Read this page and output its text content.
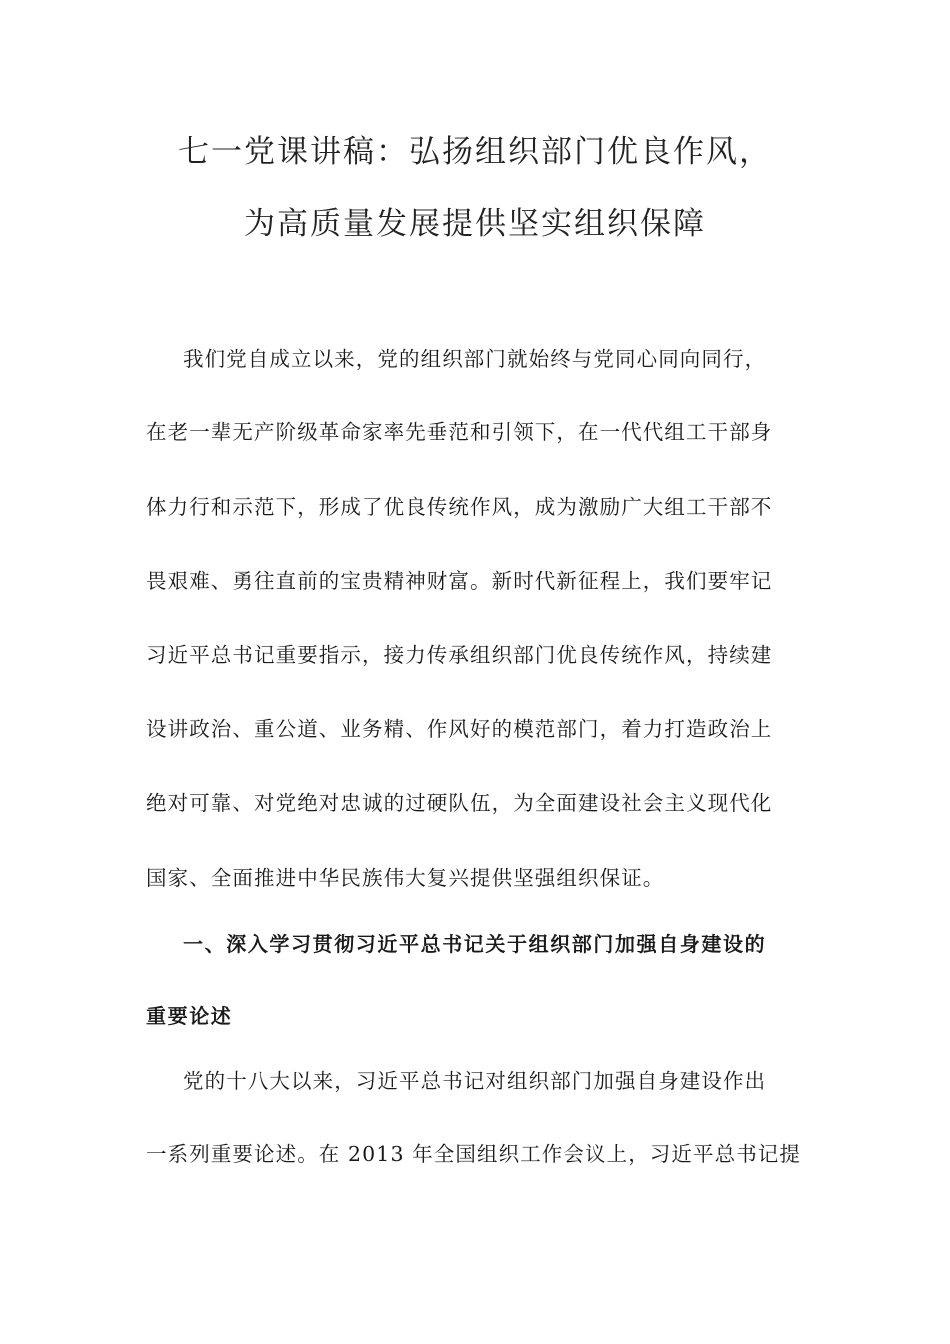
七一党课讲稿：弘扬组织部门优良作风，
为高质量发展提供坚实组织保障
我们党自成立以来，党的组织部门就始终与党同心同向同行，
在老一辈无产阶级革命家率先垂范和引领下，在一代代组工干部身
体力行和示范下，形成了优良传统作风，成为激励广大组工干部不
畏艰难、勇往直前的宝贵精神财富。新时代新征程上，我们要牢记
习近平总书记重要指示，接力传承组织部门优良传统作风，持续建
设讲政治、重公道、业务精、作风好的模范部门，着力打造政治上
绝对可靠、对党绝对忠诚的过硬队伍，为全面建设社会主义现代化
国家、全面推进中华民族伟大复兴提供坚强组织保证。
一、深入学习贯彻习近平总书记关于组织部门加强自身建设的
重要论述
党的十八大以来，习近平总书记对组织部门加强自身建设作出
一系列重要论述。在 2013 年全国组织工作会议上，习近平总书记提
